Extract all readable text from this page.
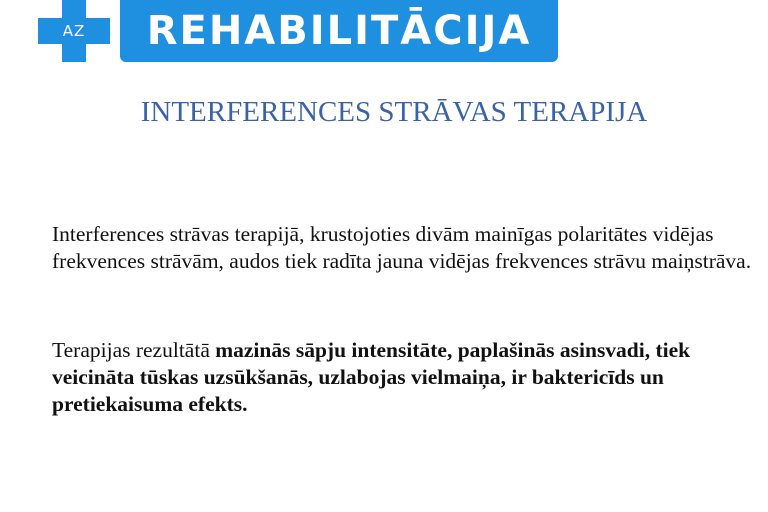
AZ REHABILITĀCIJA
INTERFERENCES STRĀVAS TERAPIJA
Interferences strāvas terapijā, krustojoties divām mainīgas polaritātes vidējas frekvences strāvām, audos tiek radīta jauna vidējas frekvences strāvu maiņstrāva.
Terapijas rezultātā mazinās sāpju intensitāte, paplašinās asinsvadi, tiek veicināta tūskas uzsūkšanās, uzlabojas vielmaiņa, ir baktericīds un pretiekaisuma efekts.
